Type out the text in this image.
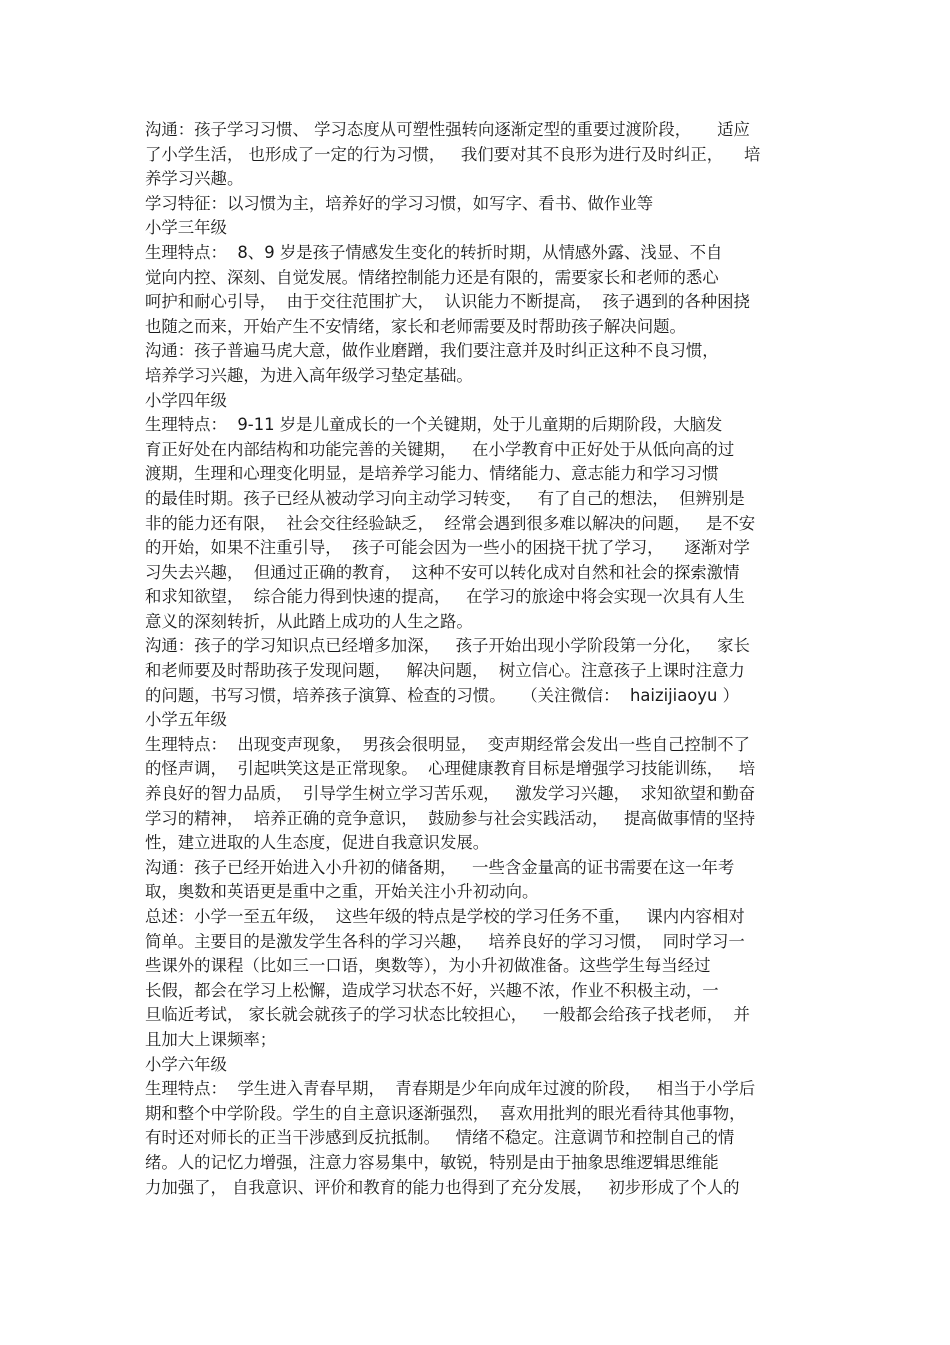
沟通：孩子学习习惯、 学习态度从可塑性强转向逐渐定型的重要过渡阶段，     适应
了小学生活， 也形成了一定的行为习惯，   我们要对其不良形为进行及时纠正，    培
养学习兴趣。
学习特征：以习惯为主，培养好的学习习惯，如写字、看书、做作业等
小学三年级
生理特点：  8、9 岁是孩子情感发生变化的转折时期，从情感外露、浅显、不自
觉向内控、深刻、自觉发展。情绪控制能力还是有限的，需要家长和老师的悉心
呵护和耐心引导，  由于交往范围扩大，  认识能力不断提高，  孩子遇到的各种困挠
也随之而来，开始产生不安情绪，家长和老师需要及时帮助孩子解决问题。
沟通：孩子普遍马虎大意，做作业磨蹭，我们要注意并及时纠正这种不良习惯，
培养学习兴趣，为进入高年级学习垫定基础。
小学四年级
生理特点：  9-11 岁是儿童成长的一个关键期，处于儿童期的后期阶段，大脑发
育正好处在内部结构和功能完善的关键期，   在小学教育中正好处于从低向高的过
渡期，生理和心理变化明显，是培养学习能力、情绪能力、意志能力和学习习惯
的最佳时期。孩子已经从被动学习向主动学习转变，   有了自己的想法，  但辨别是
非的能力还有限，  社会交往经验缺乏，  经常会遇到很多难以解决的问题，   是不安
的开始，如果不注重引导，  孩子可能会因为一些小的困挠干扰了学习，    逐渐对学
习失去兴趣，  但通过正确的教育，  这种不安可以转化成对自然和社会的探索激情
和求知欲望，  综合能力得到快速的提高，   在学习的旅途中将会实现一次具有人生
意义的深刻转折，从此踏上成功的人生之路。
沟通：孩子的学习知识点已经增多加深，   孩子开始出现小学阶段第一分化，   家长
和老师要及时帮助孩子发现问题，   解决问题，  树立信心。注意孩子上课时注意力
的问题，书写习惯，培养孩子演算、检查的习惯。   （关注微信：  haizijiaoyu ）
小学五年级
生理特点：  出现变声现象，  男孩会很明显，  变声期经常会发出一些自己控制不了
的怪声调，  引起哄笑这是正常现象。  心理健康教育目标是增强学习技能训练，   培
养良好的智力品质，  引导学生树立学习苦乐观，   激发学习兴趣，  求知欲望和勤奋
学习的精神，  培养正确的竞争意识，  鼓励参与社会实践活动，   提高做事情的坚持
性，建立进取的人生态度，促进自我意识发展。
沟通：孩子已经开始进入小升初的储备期，   一些含金量高的证书需要在这一年考
取，奥数和英语更是重中之重，开始关注小升初动向。
总述：小学一至五年级，  这些年级的特点是学校的学习任务不重，   课内内容相对
简单。主要目的是激发学生各科的学习兴趣，   培养良好的学习习惯，  同时学习一
些课外的课程（比如三一口语，奥数等），为小升初做准备。这些学生每当经过
长假，都会在学习上松懈，造成学习状态不好，兴趣不浓，作业不积极主动，一
旦临近考试， 家长就会就孩子的学习状态比较担心，   一般都会给孩子找老师，  并
且加大上课频率；
小学六年级
生理特点：  学生进入青春早期，  青春期是少年向成年过渡的阶段，   相当于小学后
期和整个中学阶段。学生的自主意识逐渐强烈，  喜欢用批判的眼光看待其他事物，
有时还对师长的正当干涉感到反抗抵制。   情绪不稳定。注意调节和控制自己的情
绪。人的记忆力增强，注意力容易集中，敏锐，特别是由于抽象思维逻辑思维能
力加强了， 自我意识、评价和教育的能力也得到了充分发展，   初步形成了个人的
